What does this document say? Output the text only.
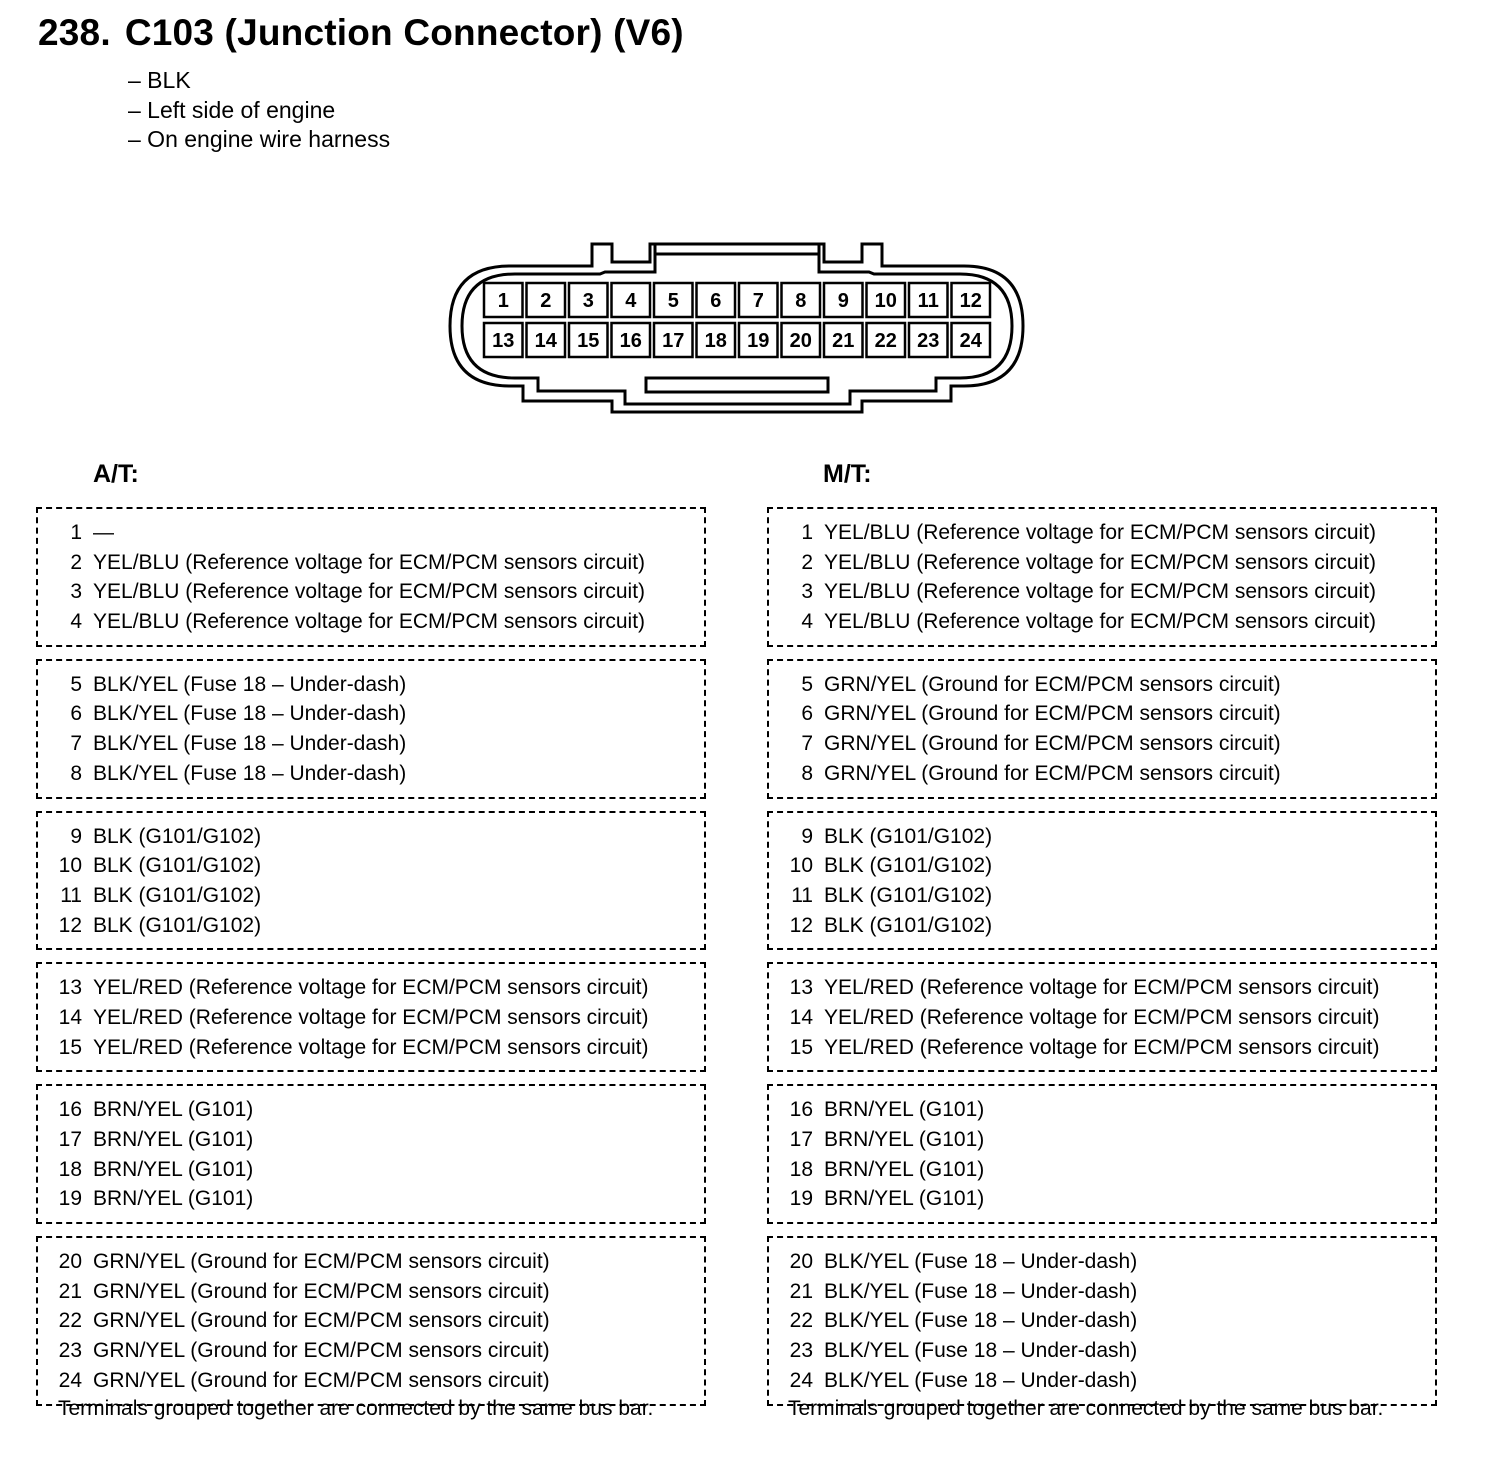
238. C103 (Junction Connector) (V6)
– BLK
– Left side of engine
– On engine wire harness
1 2 3 4 5 6 7 8 9 10 11 12
13 14 15 16 17 18 19 20 21 22 23 24
A/T:	M/T:
1 —
2 YEL/BLU (Reference voltage for ECM/PCM sensors circuit)
3 YEL/BLU (Reference voltage for ECM/PCM sensors circuit)
4 YEL/BLU (Reference voltage for ECM/PCM sensors circuit)
5 BLK/YEL (Fuse 18 – Under-dash)
6 BLK/YEL (Fuse 18 – Under-dash)
7 BLK/YEL (Fuse 18 – Under-dash)
8 BLK/YEL (Fuse 18 – Under-dash)
9 BLK (G101/G102)
10 BLK (G101/G102)
11 BLK (G101/G102)
12 BLK (G101/G102)
13 YEL/RED (Reference voltage for ECM/PCM sensors circuit)
14 YEL/RED (Reference voltage for ECM/PCM sensors circuit)
15 YEL/RED (Reference voltage for ECM/PCM sensors circuit)
16 BRN/YEL (G101)
17 BRN/YEL (G101)
18 BRN/YEL (G101)
19 BRN/YEL (G101)
20 GRN/YEL (Ground for ECM/PCM sensors circuit)
21 GRN/YEL (Ground for ECM/PCM sensors circuit)
22 GRN/YEL (Ground for ECM/PCM sensors circuit)
23 GRN/YEL (Ground for ECM/PCM sensors circuit)
24 GRN/YEL (Ground for ECM/PCM sensors circuit)
1 YEL/BLU (Reference voltage for ECM/PCM sensors circuit)
2 YEL/BLU (Reference voltage for ECM/PCM sensors circuit)
3 YEL/BLU (Reference voltage for ECM/PCM sensors circuit)
4 YEL/BLU (Reference voltage for ECM/PCM sensors circuit)
5 GRN/YEL (Ground for ECM/PCM sensors circuit)
6 GRN/YEL (Ground for ECM/PCM sensors circuit)
7 GRN/YEL (Ground for ECM/PCM sensors circuit)
8 GRN/YEL (Ground for ECM/PCM sensors circuit)
9 BLK (G101/G102)
10 BLK (G101/G102)
11 BLK (G101/G102)
12 BLK (G101/G102)
13 YEL/RED (Reference voltage for ECM/PCM sensors circuit)
14 YEL/RED (Reference voltage for ECM/PCM sensors circuit)
15 YEL/RED (Reference voltage for ECM/PCM sensors circuit)
16 BRN/YEL (G101)
17 BRN/YEL (G101)
18 BRN/YEL (G101)
19 BRN/YEL (G101)
20 BLK/YEL (Fuse 18 – Under-dash)
21 BLK/YEL (Fuse 18 – Under-dash)
22 BLK/YEL (Fuse 18 – Under-dash)
23 BLK/YEL (Fuse 18 – Under-dash)
24 BLK/YEL (Fuse 18 – Under-dash)

Terminals grouped together are connected by the same bus bar.	Terminals grouped together are connected by the same bus bar.
